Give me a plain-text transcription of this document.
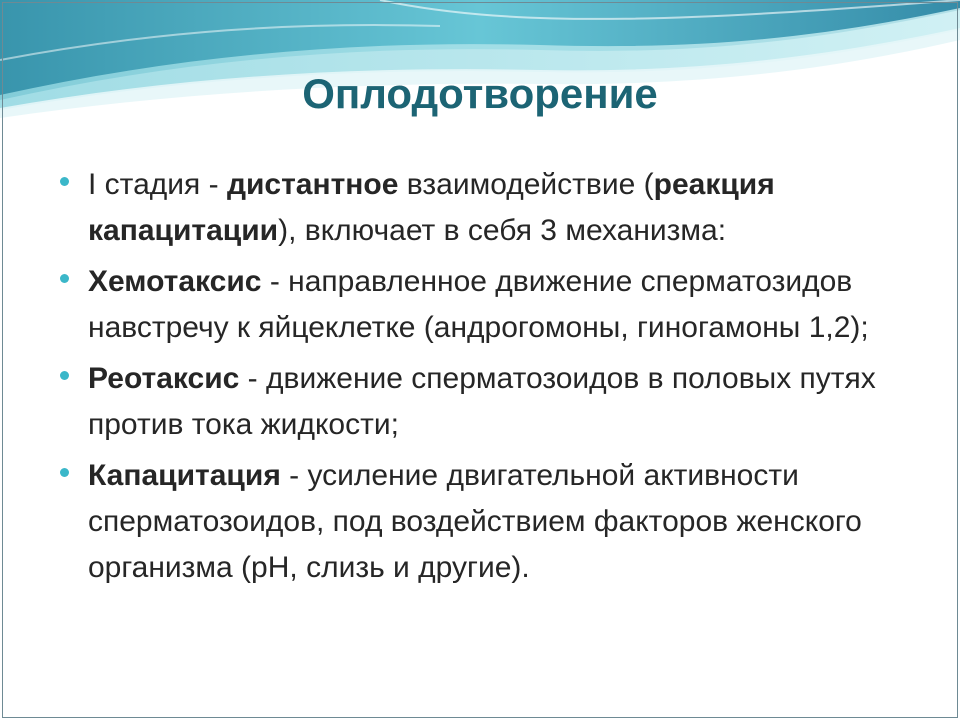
Оплодотворение
I стадия - дистантное взаимодействие (реакция капацитации), включает в себя 3 механизма:
Хемотаксис - направленное движение сперматозидов навстречу к яйцеклетке (андрогомоны, гиногамоны 1,2);
Реотаксис - движение сперматозоидов в половых путях против тока жидкости;
Капацитация - усиление двигательной активности сперматозоидов, под воздействием факторов женского организма (рН, слизь и другие).
